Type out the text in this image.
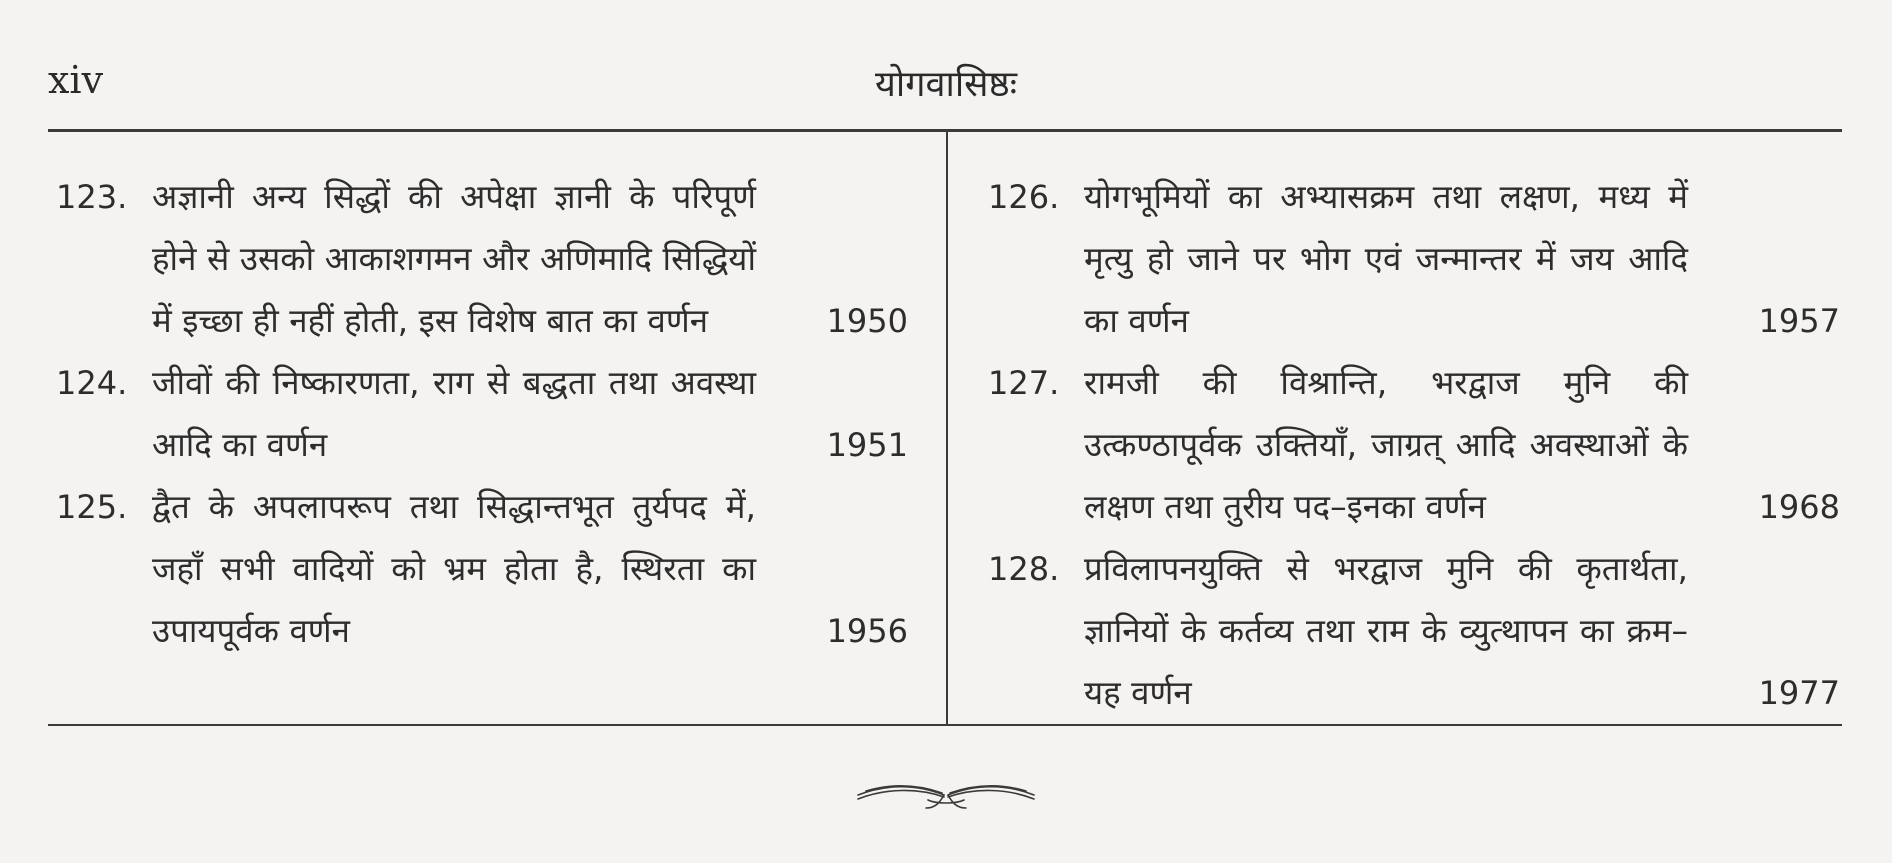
xiv	योगवासिष्ठः
123. अज्ञानी अन्य सिद्धों की अपेक्षा ज्ञानी के परिपूर्ण होने से उसको आकाशगमन और अणिमादि सिद्धियों में इच्छा ही नहीं होती, इस विशेष बात का वर्णन	1950
124. जीवों की निष्कारणता, राग से बद्धता तथा अवस्था आदि का वर्णन	1951
125. द्वैत के अपलापरूप तथा सिद्धान्तभूत तुर्यपद में, जहाँ सभी वादियों को भ्रम होता है, स्थिरता का उपायपूर्वक वर्णन	1956
126. योगभूमियों का अभ्यासक्रम तथा लक्षण, मध्य में मृत्यु हो जाने पर भोग एवं जन्मान्तर में जय आदि का वर्णन	1957
127. रामजी की विश्रान्ति, भरद्वाज मुनि की उत्कण्ठापूर्वक उक्तियाँ, जाग्रत् आदि अवस्थाओं के लक्षण तथा तुरीय पद–इनका वर्णन	1968
128. प्रविलापनयुक्ति से भरद्वाज मुनि की कृतार्थता, ज्ञानियों के कर्तव्य तथा राम के व्युत्थापन का क्रम–यह वर्णन	1977
